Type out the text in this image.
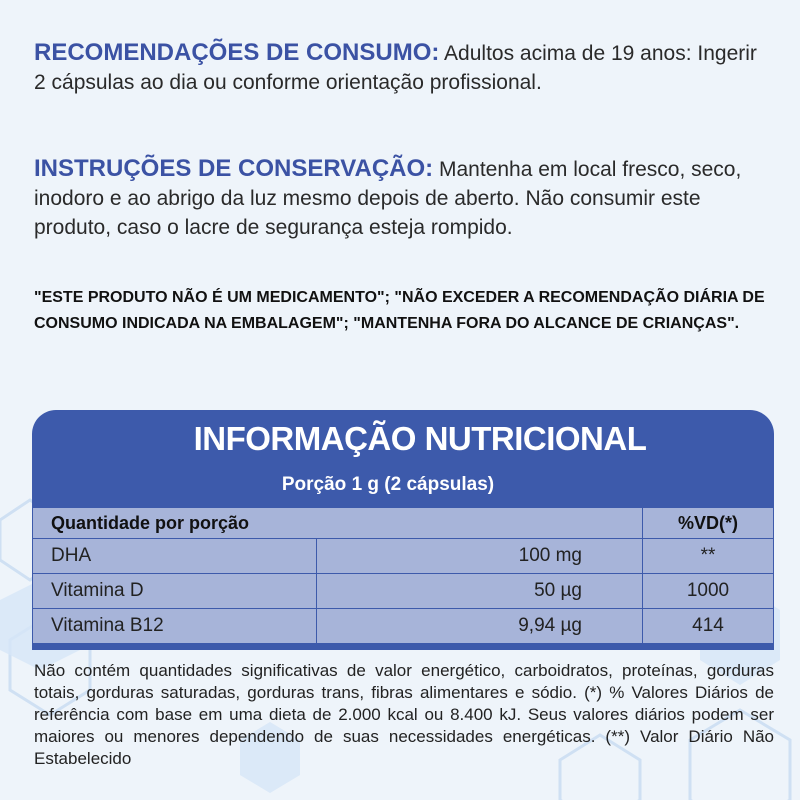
RECOMENDAÇÕES DE CONSUMO: Adultos acima de 19 anos: Ingerir 2 cápsulas ao dia ou conforme orientação profissional.
INSTRUÇÕES DE CONSERVAÇÃO: Mantenha em local fresco, seco, inodoro e ao abrigo da luz mesmo depois de aberto. Não consumir este produto, caso o lacre de segurança esteja rompido.
"ESTE PRODUTO NÃO É UM MEDICAMENTO"; "NÃO EXCEDER A RECOMENDAÇÃO DIÁRIA DE CONSUMO INDICADA NA EMBALAGEM"; "MANTENHA FORA DO ALCANCE DE CRIANÇAS".
INFORMAÇÃO NUTRICIONAL
Porção 1 g (2 cápsulas)
Quantidade por porção		%VD(*)
DHA	100 mg	**
Vitamina D	50 µg	1000
Vitamina B12	9,94 µg	414
Não contém quantidades significativas de valor energético, carboidratos, proteínas, gorduras totais, gorduras saturadas, gorduras trans, fibras alimentares e sódio. (*) % Valores Diários de referência com base em uma dieta de 2.000 kcal ou 8.400 kJ. Seus valores diários podem ser maiores ou menores dependendo de suas necessidades energéticas. (**) Valor Diário Não Estabelecido
